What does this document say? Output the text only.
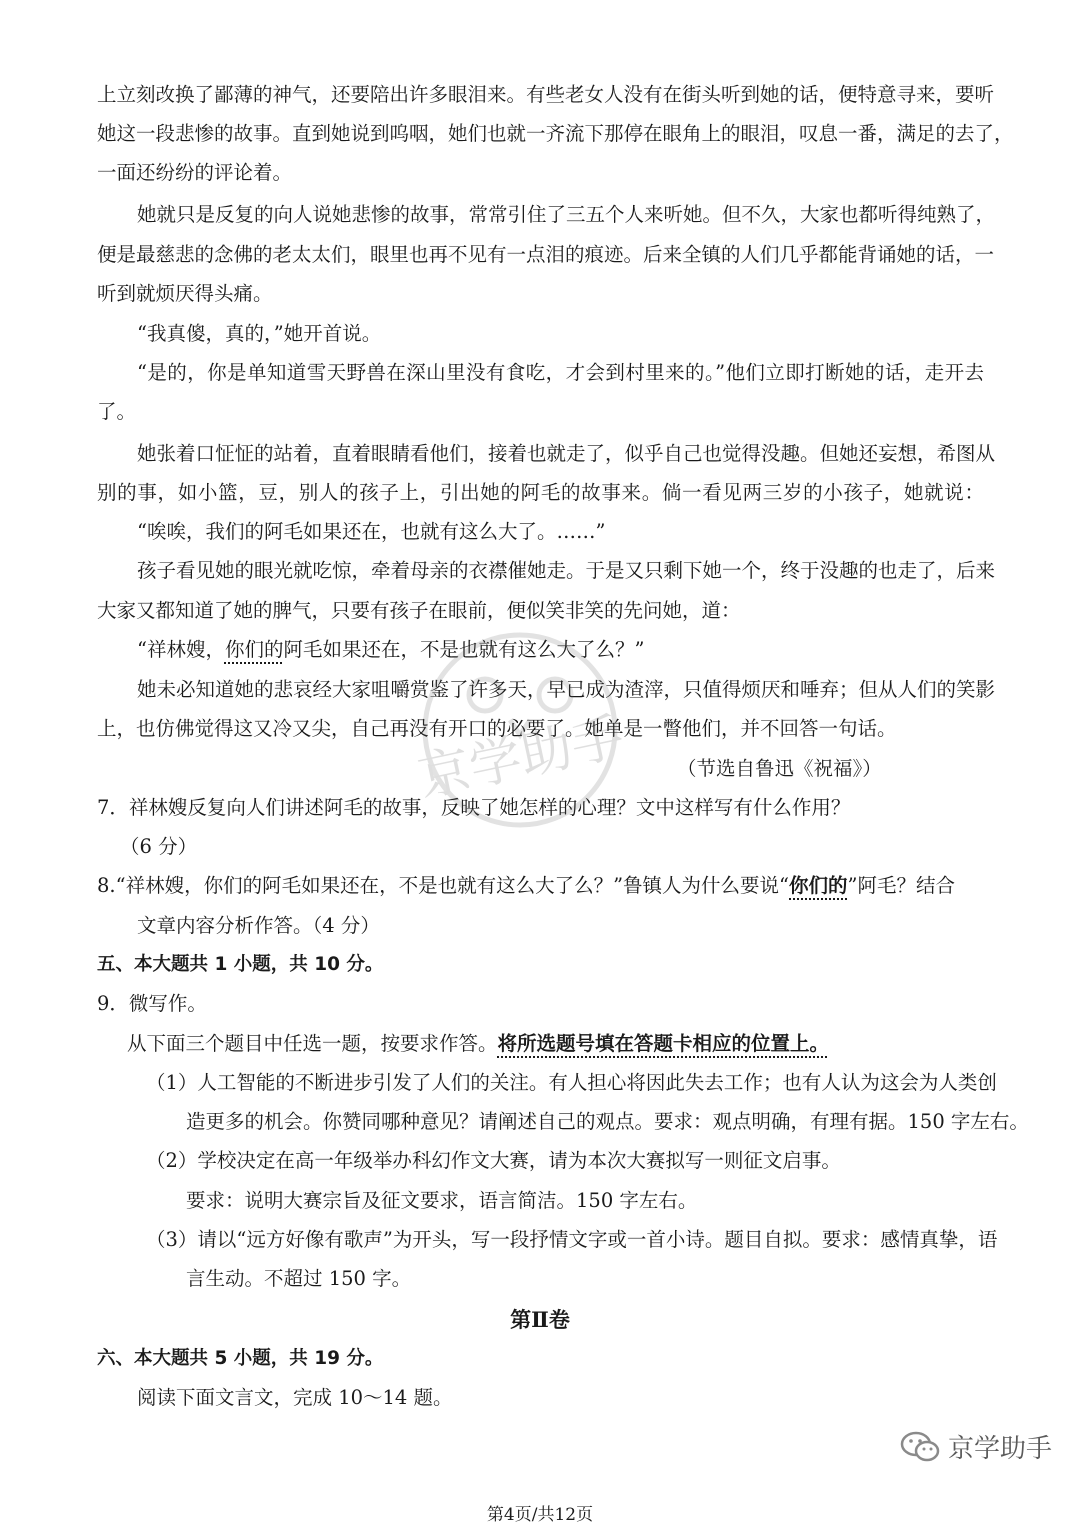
上立刻改换了鄙薄的神气，还要陪出许多眼泪来。有些老女人没有在街头听到她的话，便特意寻来，要听
她这一段悲惨的故事。直到她说到呜咽，她们也就一齐流下那停在眼角上的眼泪，叹息一番，满足的去了，
一面还纷纷的评论着。
她就只是反复的向人说她悲惨的故事，常常引住了三五个人来听她。但不久，大家也都听得纯熟了，
便是最慈悲的念佛的老太太们，眼里也再不见有一点泪的痕迹。后来全镇的人们几乎都能背诵她的话，一
听到就烦厌得头痛。
“我真傻，真的，”她开首说。
“是的，你是单知道雪天野兽在深山里没有食吃，才会到村里来的。”他们立即打断她的话，走开去
了。
她张着口怔怔的站着，直着眼睛看他们，接着也就走了，似乎自己也觉得没趣。但她还妄想，希图从
别的事，如小篮，豆，别人的孩子上，引出她的阿毛的故事来。倘一看见两三岁的小孩子，她就说：
“唉唉，我们的阿毛如果还在，也就有这么大了。……”
孩子看见她的眼光就吃惊，牵着母亲的衣襟催她走。于是又只剩下她一个，终于没趣的也走了，后来
大家又都知道了她的脾气，只要有孩子在眼前，便似笑非笑的先问她，道：
“祥林嫂，你们的阿毛如果还在，不是也就有这么大了么？”
她未必知道她的悲哀经大家咀嚼赏鉴了许多天，早已成为渣滓，只值得烦厌和唾弃；但从人们的笑影
上，也仿佛觉得这又冷又尖，自己再没有开口的必要了。她单是一瞥他们，并不回答一句话。
（节选自鲁迅《祝福》）
7．祥林嫂反复向人们讲述阿毛的故事，反映了她怎样的心理？文中这样写有什么作用？
（6 分）
8.“祥林嫂，你们的阿毛如果还在，不是也就有这么大了么？”鲁镇人为什么要说“你们的”阿毛？结合
文章内容分析作答。（4 分）
五、本大题共 1 小题，共 10 分。
9．微写作。
从下面三个题目中任选一题，按要求作答。将所选题号填在答题卡相应的位置上。
（1）人工智能的不断进步引发了人们的关注。有人担心将因此失去工作；也有人认为这会为人类创
造更多的机会。你赞同哪种意见？请阐述自己的观点。要求：观点明确，有理有据。150 字左右。
（2）学校决定在高一年级举办科幻作文大赛，请为本次大赛拟写一则征文启事。
要求：说明大赛宗旨及征文要求，语言简洁。150 字左右。
（3）请以“远方好像有歌声”为开头，写一段抒情文字或一首小诗。题目自拟。要求：感情真挚，语
言生动。不超过 150 字。
第Ⅱ卷
六、本大题共 5 小题，共 19 分。
阅读下面文言文，完成 10～14 题。
京学助手
京学助手
第4页/共12页
